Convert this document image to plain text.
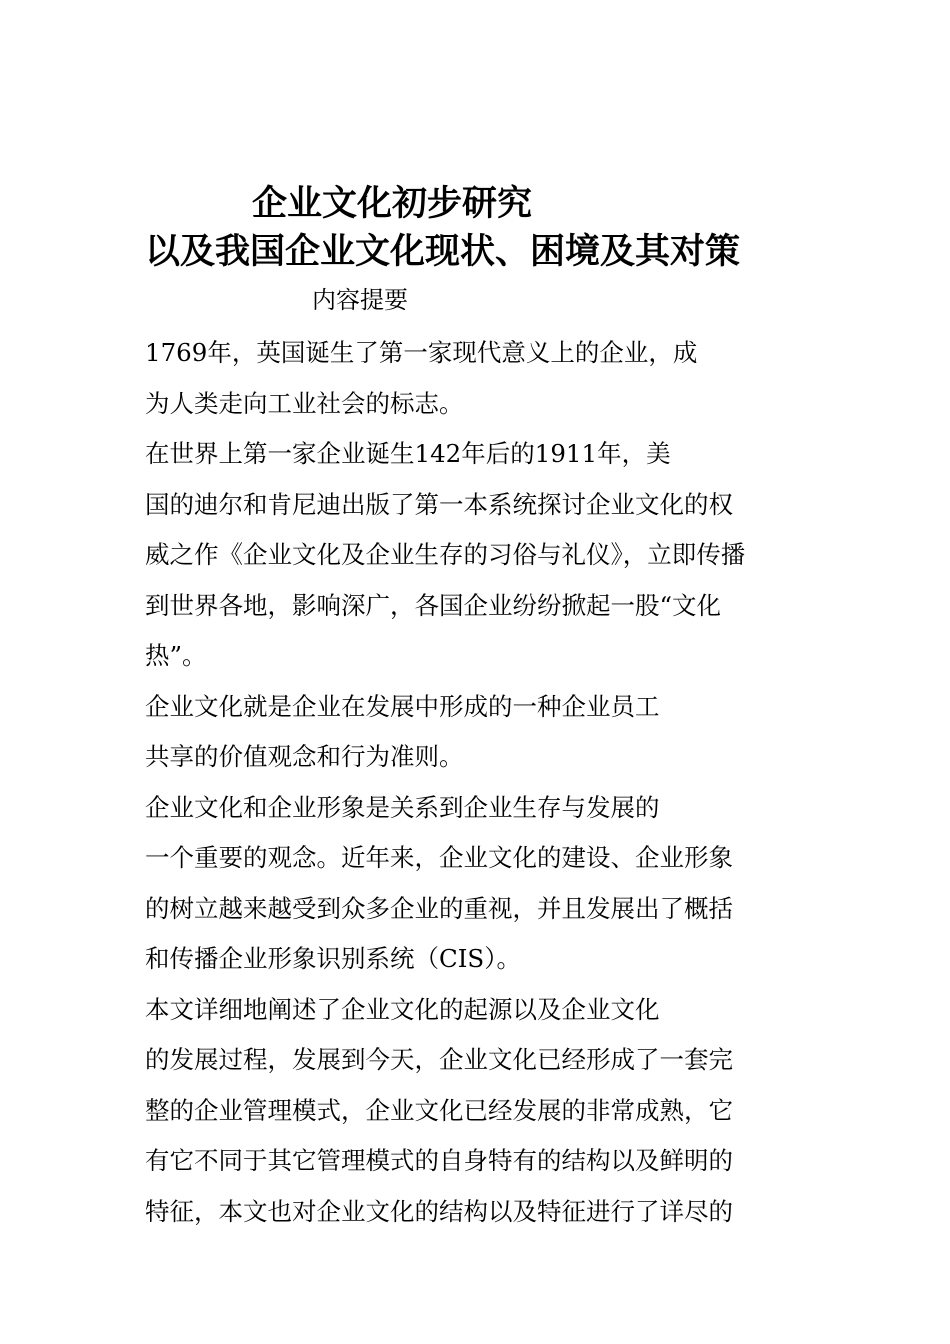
企业文化初步研究
以及我国企业文化现状、困境及其对策
内容提要
1769年，英国诞生了第一家现代意义上的企业，成
为人类走向工业社会的标志。
在世界上第一家企业诞生142年后的1911年，美
国的迪尔和肯尼迪出版了第一本系统探讨企业文化的权
威之作《企业文化及企业生存的习俗与礼仪》，立即传播
到世界各地，影响深广，各国企业纷纷掀起一股“文化
热”。
企业文化就是企业在发展中形成的一种企业员工
共享的价值观念和行为准则。
企业文化和企业形象是关系到企业生存与发展的
一个重要的观念。近年来，企业文化的建设、企业形象
的树立越来越受到众多企业的重视，并且发展出了概括
和传播企业形象识别系统（CIS）。
本文详细地阐述了企业文化的起源以及企业文化
的发展过程，发展到今天，企业文化已经形成了一套完
整的企业管理模式，企业文化已经发展的非常成熟，它
有它不同于其它管理模式的自身特有的结构以及鲜明的
特征，本文也对企业文化的结构以及特征进行了详尽的
